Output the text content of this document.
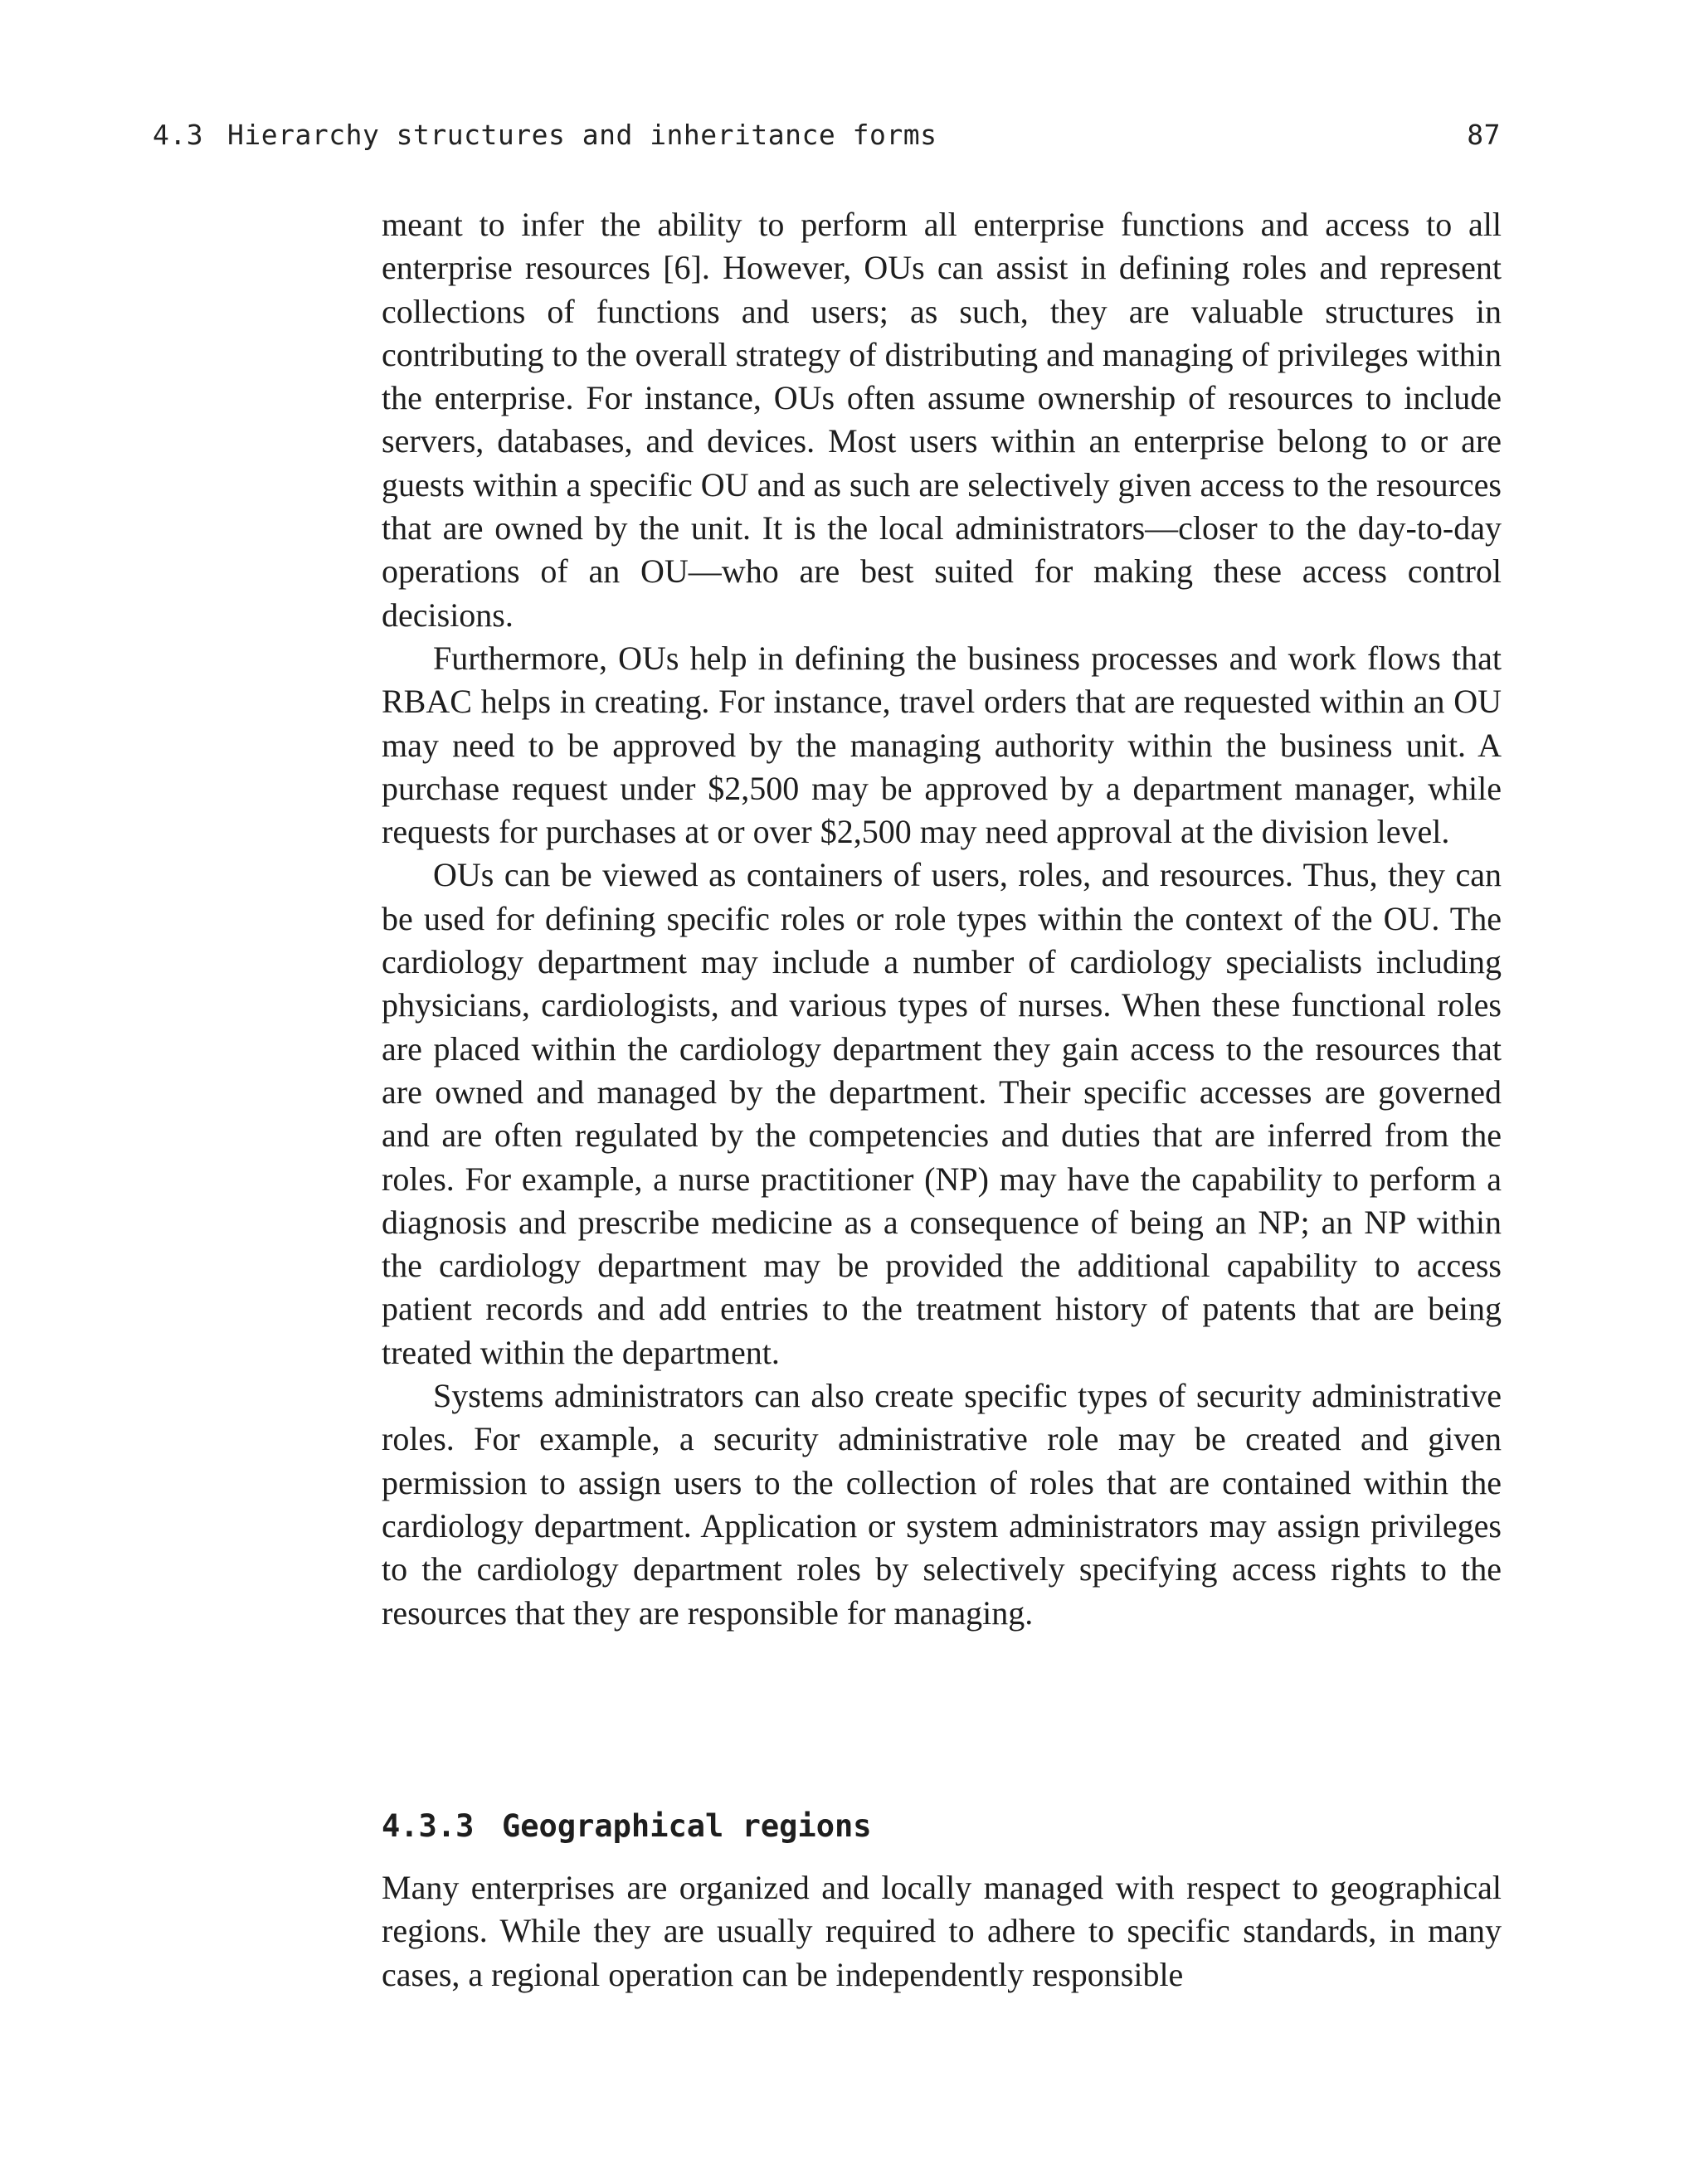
4.3 Hierarchy structures and inheritance forms	87

meant to infer the ability to perform all enterprise functions and access to all enterprise resources [6]. However, OUs can assist in defining roles and represent collections of functions and users; as such, they are valuable structures in contributing to the overall strategy of distributing and managing of privileges within the enterprise. For instance, OUs often assume ownership of resources to include servers, databases, and devices. Most users within an enterprise belong to or are guests within a specific OU and as such are selectively given access to the resources that are owned by the unit. It is the local administrators—closer to the day-to-day operations of an OU—who are best suited for making these access control decisions.

Furthermore, OUs help in defining the business processes and work flows that RBAC helps in creating. For instance, travel orders that are requested within an OU may need to be approved by the managing authority within the business unit. A purchase request under $2,500 may be approved by a department manager, while requests for purchases at or over $2,500 may need approval at the division level.

OUs can be viewed as containers of users, roles, and resources. Thus, they can be used for defining specific roles or role types within the context of the OU. The cardiology department may include a number of cardiology specialists including physicians, cardiologists, and various types of nurses. When these functional roles are placed within the cardiology department they gain access to the resources that are owned and managed by the department. Their specific accesses are governed and are often regulated by the competencies and duties that are inferred from the roles. For example, a nurse practitioner (NP) may have the capability to perform a diagnosis and prescribe medicine as a consequence of being an NP; an NP within the cardiology department may be provided the additional capability to access patient records and add entries to the treatment history of patents that are being treated within the department.

Systems administrators can also create specific types of security administrative roles. For example, a security administrative role may be created and given permission to assign users to the collection of roles that are contained within the cardiology department. Application or system administrators may assign privileges to the cardiology department roles by selectively specifying access rights to the resources that they are responsible for managing.

4.3.3 Geographical regions

Many enterprises are organized and locally managed with respect to geographical regions. While they are usually required to adhere to specific standards, in many cases, a regional operation can be independently responsible
